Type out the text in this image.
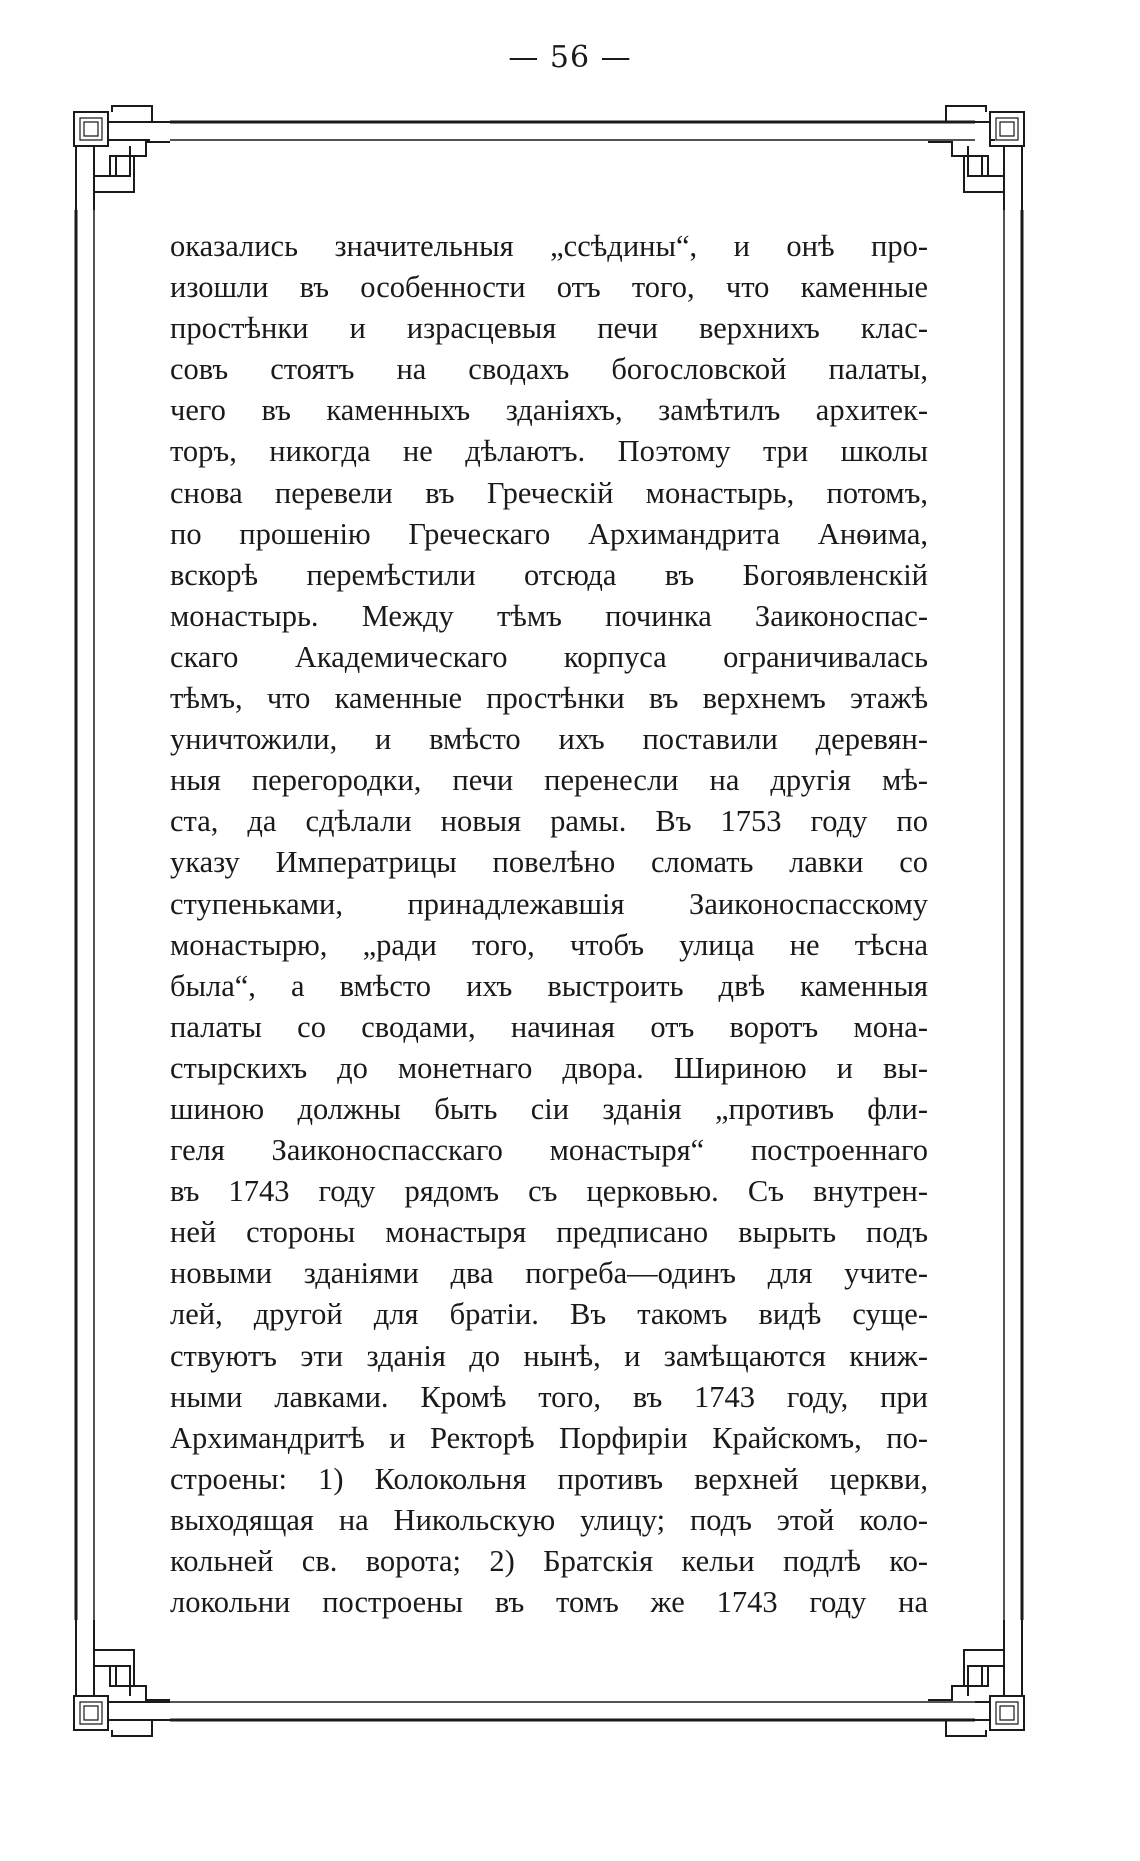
— 56 —
оказались значительныя „ссѣдины“, и онѣ про-
изошли въ особенности отъ того, что каменные
простѣнки и израсцевыя печи верхнихъ клас-
совъ стоятъ на сводахъ богословской палаты,
чего въ каменныхъ зданіяхъ, замѣтилъ архитек-
торъ, никогда не дѣлаютъ. Поэтому три школы
снова перевели въ Греческій монастырь, потомъ,
по прошенію Греческаго Архимандрита Анѳима,
вскорѣ перемѣстили отсюда въ Богоявленскій
монастырь. Между тѣмъ починка Заиконоспас-
скаго Академическаго корпуса ограничивалась
тѣмъ, что каменные простѣнки въ верхнемъ этажѣ
уничтожили, и вмѣсто ихъ поставили деревян-
ныя перегородки, печи перенесли на другія мѣ-
ста, да сдѣлали новыя рамы. Въ 1753 году по
указу Императрицы повелѣно сломать лавки со
ступеньками, принадлежавшія Заиконоспасскому
монастырю, „ради того, чтобъ улица не тѣсна
была“, а вмѣсто ихъ выстроить двѣ каменныя
палаты со сводами, начиная отъ воротъ мона-
стырскихъ до монетнаго двора. Шириною и вы-
шиною должны быть сіи зданія „противъ фли-
геля Заиконоспасскаго монастыря“ построеннаго
въ 1743 году рядомъ съ церковью. Съ внутрен-
ней стороны монастыря предписано вырыть подъ
новыми зданіями два погреба—одинъ для учите-
лей, другой для братіи. Въ такомъ видѣ суще-
ствуютъ эти зданія до нынѣ, и замѣщаются книж-
ными лавками. Кромѣ того, въ 1743 году, при
Архимандритѣ и Ректорѣ Порфиріи Крайскомъ, по-
строены: 1) Колокольня противъ верхней церкви,
выходящая на Никольскую улицу; подъ этой коло-
кольней св. ворота; 2) Братскія кельи подлѣ ко-
локольни построены въ томъ же 1743 году на
